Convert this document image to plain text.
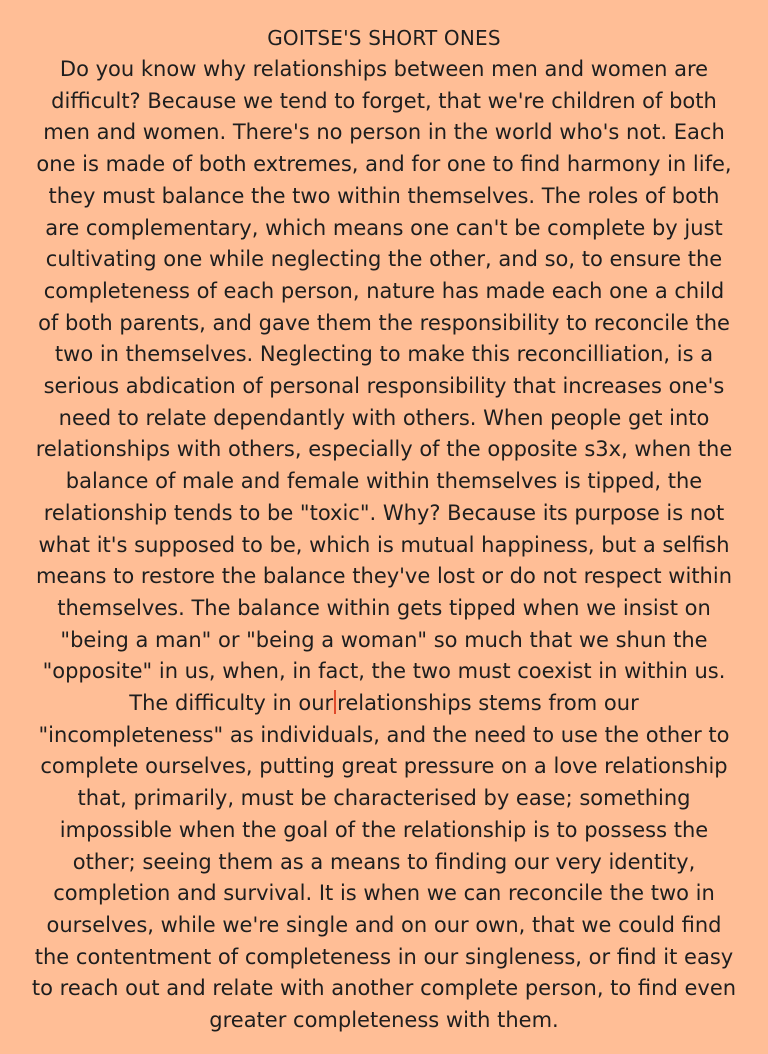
GOITSE'S SHORT ONES
Do you know why relationships between men and women are
difficult? Because we tend to forget, that we're children of both
men and women. There's no person in the world who's not. Each
one is made of both extremes, and for one to find harmony in life,
they must balance the two within themselves. The roles of both
are complementary, which means one can't be complete by just
cultivating one while neglecting the other, and so, to ensure the
completeness of each person, nature has made each one a child
of both parents, and gave them the responsibility to reconcile the
two in themselves. Neglecting to make this reconcilliation, is a
serious abdication of personal responsibility that increases one's
need to relate dependantly with others. When people get into
relationships with others, especially of the opposite s3x, when the
balance of male and female within themselves is tipped, the
relationship tends to be "toxic". Why? Because its purpose is not
what it's supposed to be, which is mutual happiness, but a selfish
means to restore the balance they've lost or do not respect within
themselves. The balance within gets tipped when we insist on
"being a man" or "being a woman" so much that we shun the
"opposite" in us, when, in fact, the two must coexist in within us.
The difficulty in our relationships stems from our
"incompleteness" as individuals, and the need to use the other to
complete ourselves, putting great pressure on a love relationship
that, primarily, must be characterised by ease; something
impossible when the goal of the relationship is to possess the
other; seeing them as a means to finding our very identity,
completion and survival. It is when we can reconcile the two in
ourselves, while we're single and on our own, that we could find
the contentment of completeness in our singleness, or find it easy
to reach out and relate with another complete person, to find even
greater completeness with them.
